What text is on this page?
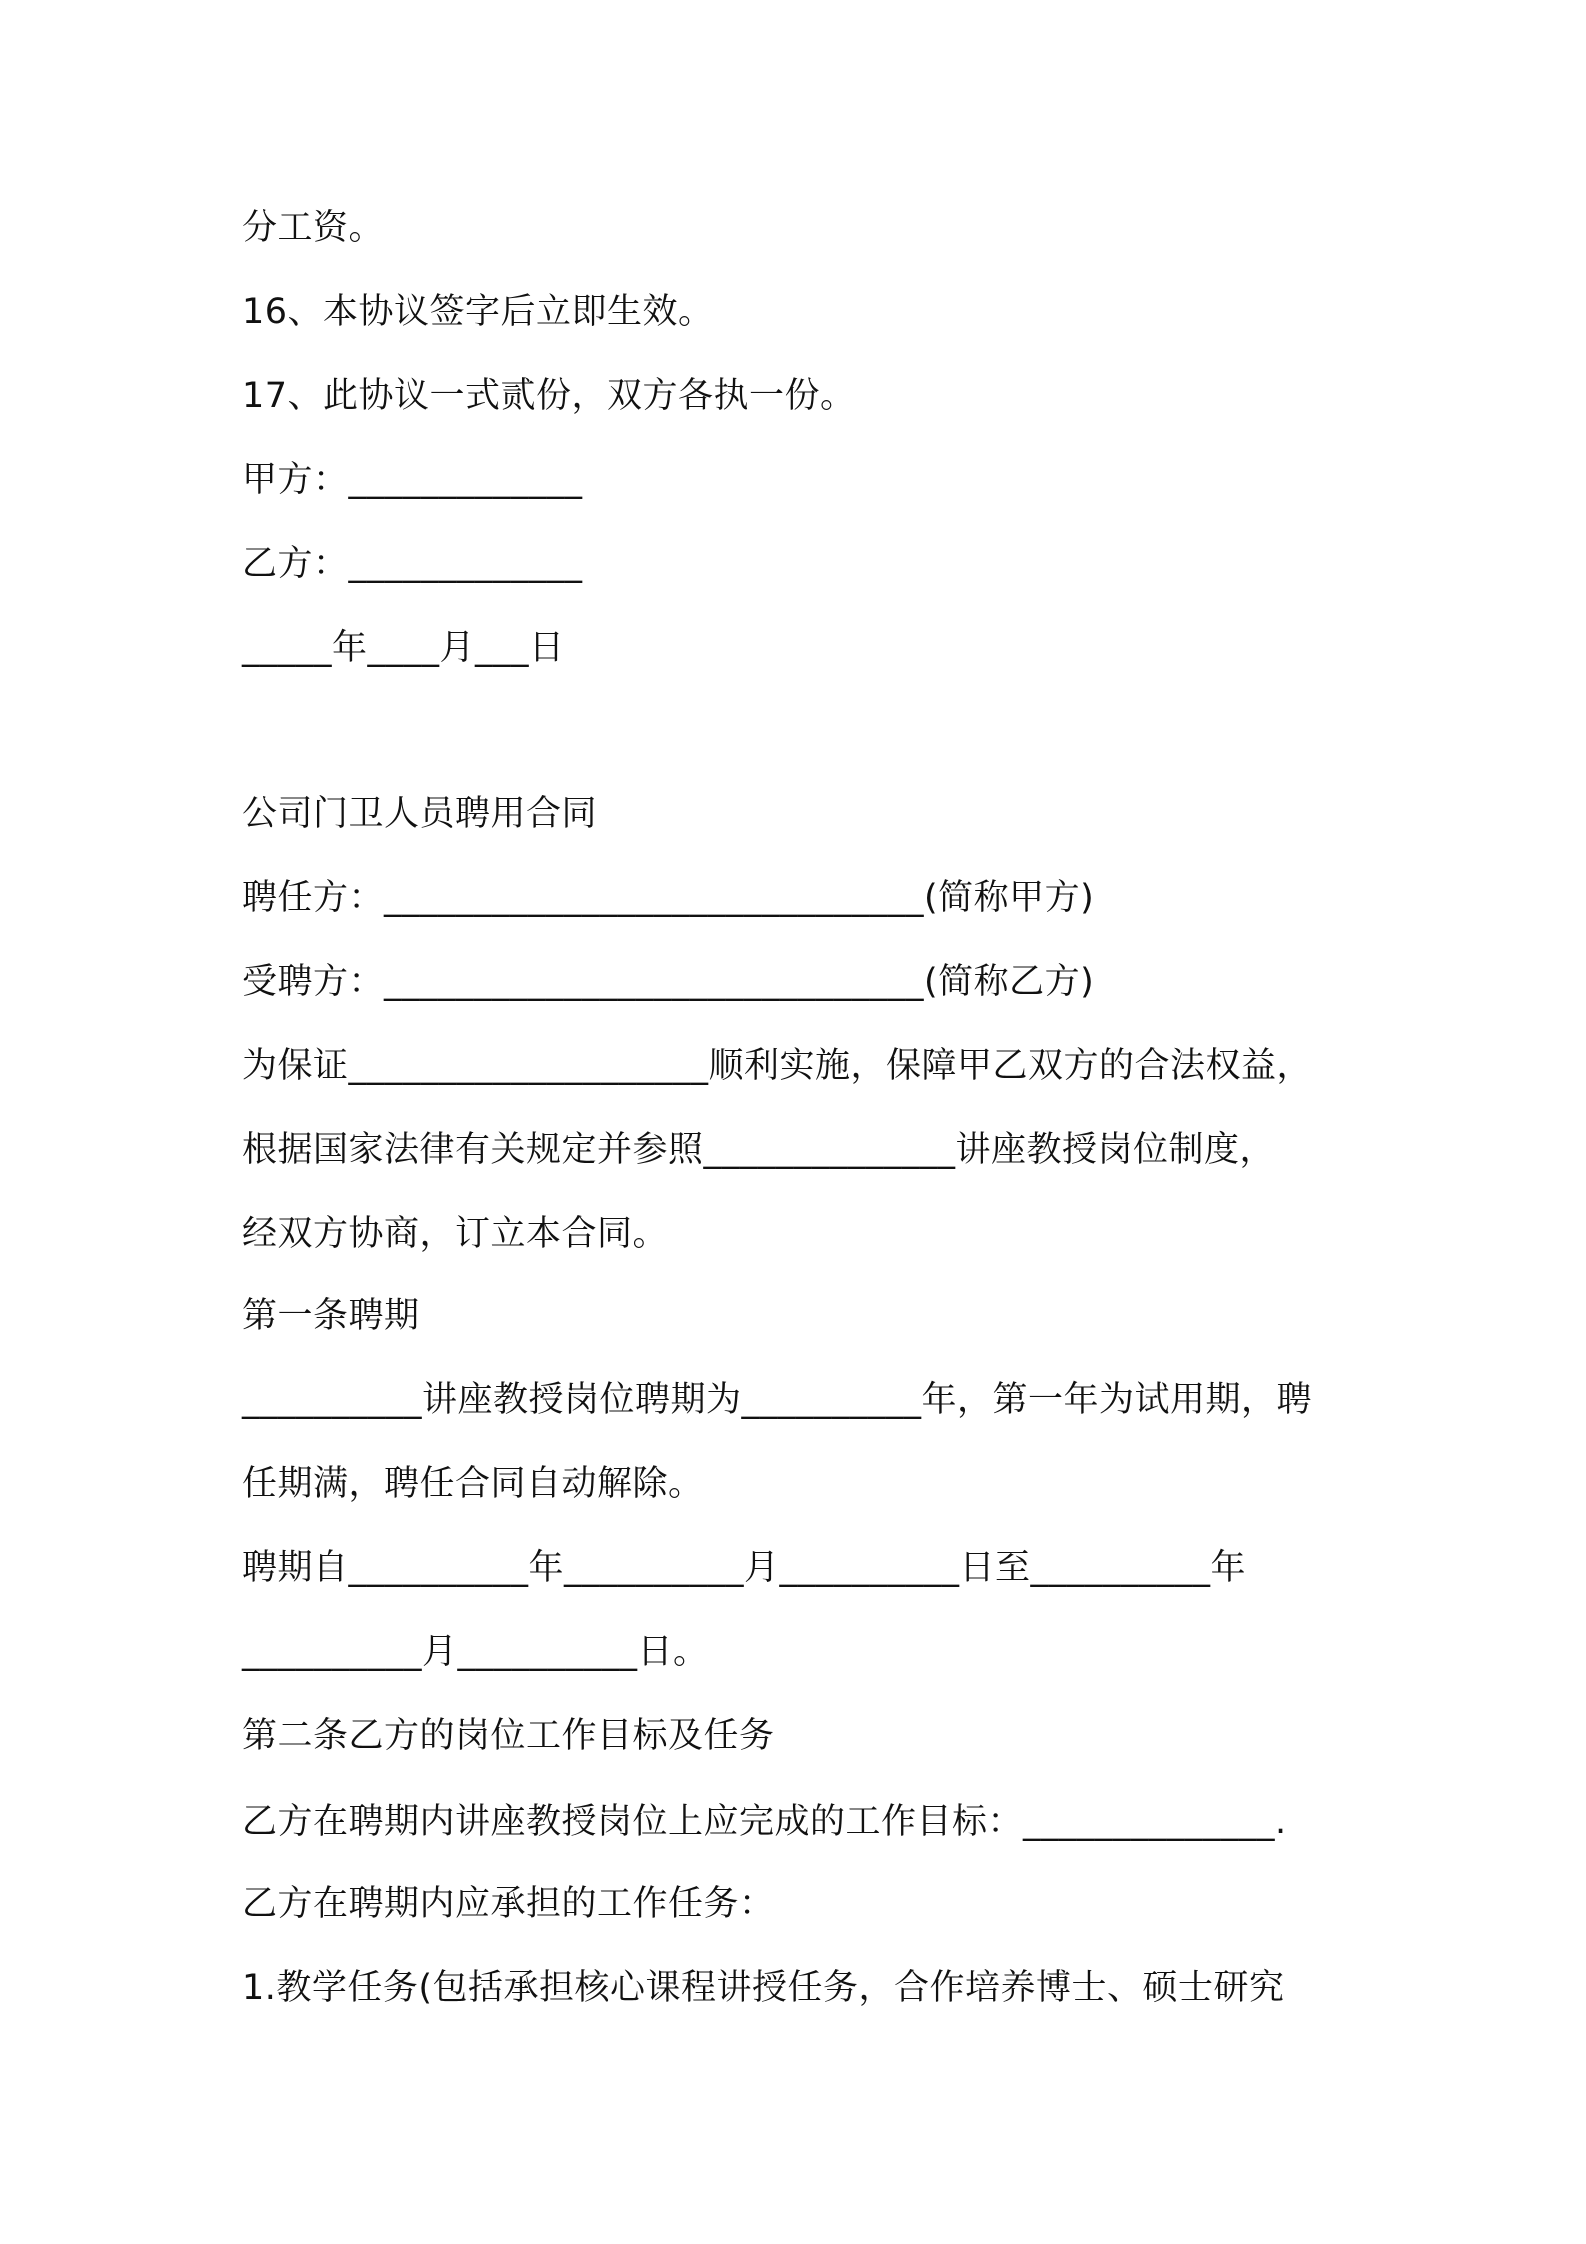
分工资。
16、本协议签字后立即生效。
17、此协议一式贰份，双方各执一份。
甲方：_____________
乙方：_____________
_____年____月___日
公司门卫人员聘用合同
聘任方：______________________________(简称甲方)
受聘方：______________________________(简称乙方)
为保证____________________顺利实施，保障甲乙双方的合法权益，
根据国家法律有关规定并参照______________讲座教授岗位制度，
经双方协商，订立本合同。
第一条聘期
__________讲座教授岗位聘期为__________年，第一年为试用期，聘
任期满，聘任合同自动解除。
聘期自__________年__________月__________日至__________年
__________月__________日。
第二条乙方的岗位工作目标及任务
乙方在聘期内讲座教授岗位上应完成的工作目标：______________.
乙方在聘期内应承担的工作任务：
1.教学任务(包括承担核心课程讲授任务，合作培养博士、硕士研究
